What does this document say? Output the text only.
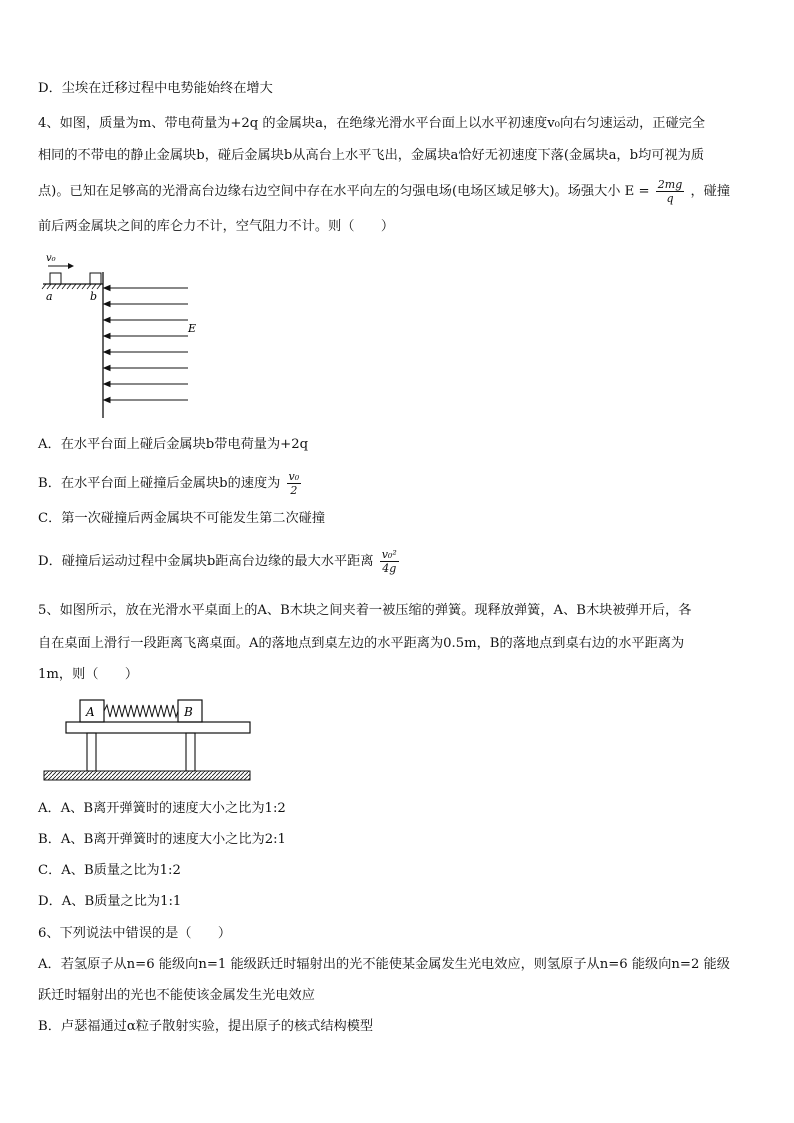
D．尘埃在迁移过程中电势能始终在增大
4、如图，质量为m、带电荷量为+2q 的金属块a，在绝缘光滑水平台面上以水平初速度v₀向右匀速运动，正碰完全
相同的不带电的静止金属块b，碰后金属块b从高台上水平飞出，金属块a恰好无初速度下落(金属块a，b均可视为质
点)。已知在足够高的光滑高台边缘右边空间中存在水平向左的匀强电场(电场区域足够大)。场强大小 $E = \frac{2mg}{q}$ ，碰撞
前后两金属块之间的库仑力不计，空气阻力不计。则（　　）
v₀
a	b
E
A．在水平台面上碰后金属块b带电荷量为+2q
B．在水平台面上碰撞后金属块b的速度为 $\frac{\text{v₀}}{2}$
C．第一次碰撞后两金属块不可能发生第二次碰撞
D．碰撞后运动过程中金属块b距高台边缘的最大水平距离 $\frac{\text{v₀²}}{4g}$
5、如图所示，放在光滑水平桌面上的A、B木块之间夹着一被压缩的弹簧。现释放弹簧，A、B木块被弹开后，各
自在桌面上滑行一段距离飞离桌面。A的落地点到桌左边的水平距离为0.5m，B的落地点到桌右边的水平距离为
1m，则（　　）
A	B
A．A、B离开弹簧时的速度大小之比为1:2
B．A、B离开弹簧时的速度大小之比为2:1
C．A、B质量之比为1:2
D．A、B质量之比为1:1
6、下列说法中错误的是（　　）
A．若氢原子从n=6 能级向n=1 能级跃迁时辐射出的光不能使某金属发生光电效应，则氢原子从n=6 能级向n=2 能级
跃迁时辐射出的光也不能使该金属发生光电效应
B．卢瑟福通过α粒子散射实验，提出原子的核式结构模型
